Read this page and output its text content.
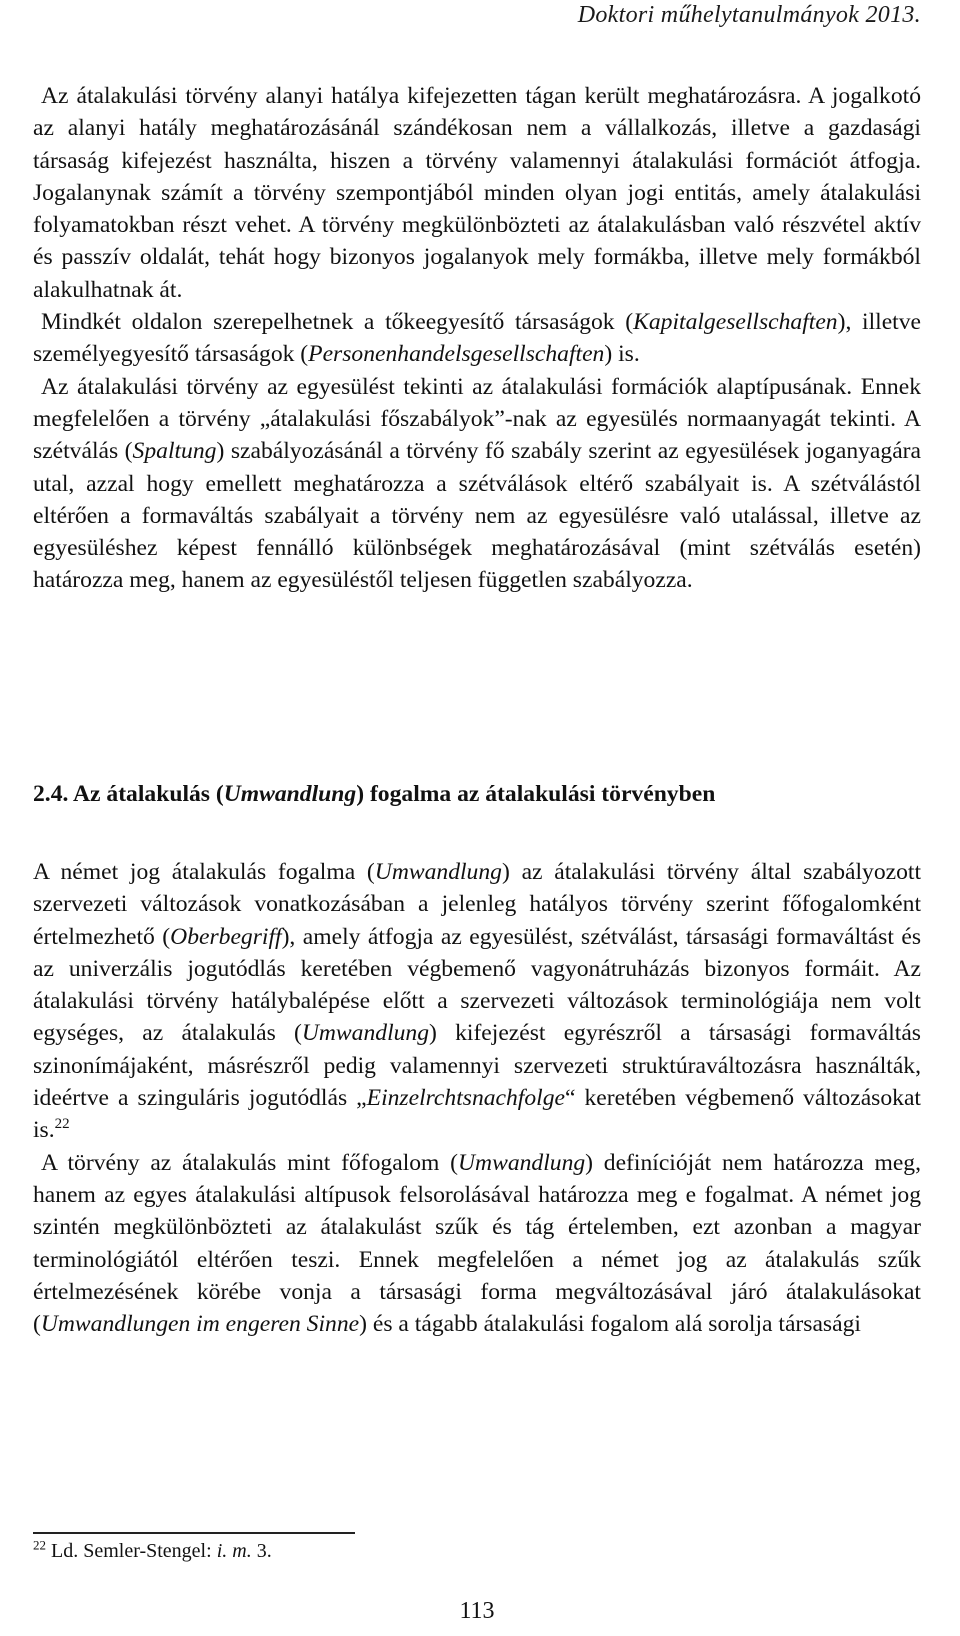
Doktori műhelytanulmányok 2013.

Az átalakulási törvény alanyi hatálya kifejezetten tágan került meghatározásra. A jogalkotó az alanyi hatály meghatározásánál szándékosan nem a vállalkozás, illetve a gazdasági társaság kifejezést használta, hiszen a törvény valamennyi átalakulási formációt átfogja. Jogalanynak számít a törvény szempontjából minden olyan jogi entitás, amely átalakulási folyamatokban részt vehet. A törvény megkülönbözteti az átalakulásban való részvétel aktív és passzív oldalát, tehát hogy bizonyos jogalanyok mely formákba, illetve mely formákból alakulhatnak át.

Mindkét oldalon szerepelhetnek a tőkeegyesítő társaságok (Kapitalgesellschaften), illetve személyegyesítő társaságok (Personenhandelsgesellschaften) is.

Az átalakulási törvény az egyesülést tekinti az átalakulási formációk alaptípusának. Ennek megfelelően a törvény „átalakulási főszabályok”-nak az egyesülés normaanyagát tekinti. A szétválás (Spaltung) szabályozásánál a törvény fő szabály szerint az egyesülések joganyagára utal, azzal hogy emellett meghatározza a szétválások eltérő szabályait is. A szétválástól eltérően a formaváltás szabályait a törvény nem az egyesülésre való utalással, illetve az egyesüléshez képest fennálló különbségek meghatározásával (mint szétválás esetén) határozza meg, hanem az egyesüléstől teljesen független szabályozza.

2.4. Az átalakulás (Umwandlung) fogalma az átalakulási törvényben

A német jog átalakulás fogalma (Umwandlung) az átalakulási törvény által szabályozott szervezeti változások vonatkozásában a jelenleg hatályos törvény szerint főfogalomként értelmezhető (Oberbegriff), amely átfogja az egyesülést, szétválást, társasági formaváltást és az univerzális jogutódlás keretében végbemenő vagyonátruházás bizonyos formáit. Az átalakulási törvény hatálybalépése előtt a szervezeti változások terminológiája nem volt egységes, az átalakulás (Umwandlung) kifejezést egyrészről a társasági formaváltás szinonímájaként, másrészről pedig valamennyi szervezeti struktúraváltozásra használták, ideértve a szinguláris jogutódlás „Einzelrchtsnachfolge“ keretében végbemenő változásokat is.$^{22}$

A törvény az átalakulás mint főfogalom (Umwandlung) definícióját nem határozza meg, hanem az egyes átalakulási altípusok felsorolásával határozza meg e fogalmat. A német jog szintén megkülönbözteti az átalakulást szűk és tág értelemben, ezt azonban a magyar terminológiától eltérően teszi. Ennek megfelelően a német jog az átalakulás szűk értelmezésének körébe vonja a társasági forma megváltozásával járó átalakulásokat (Umwandlungen im engeren Sinne) és a tágabb átalakulási fogalom alá sorolja társasági

$^{22}$ Ld. Semler-Stengel: i. m. 3.
113
